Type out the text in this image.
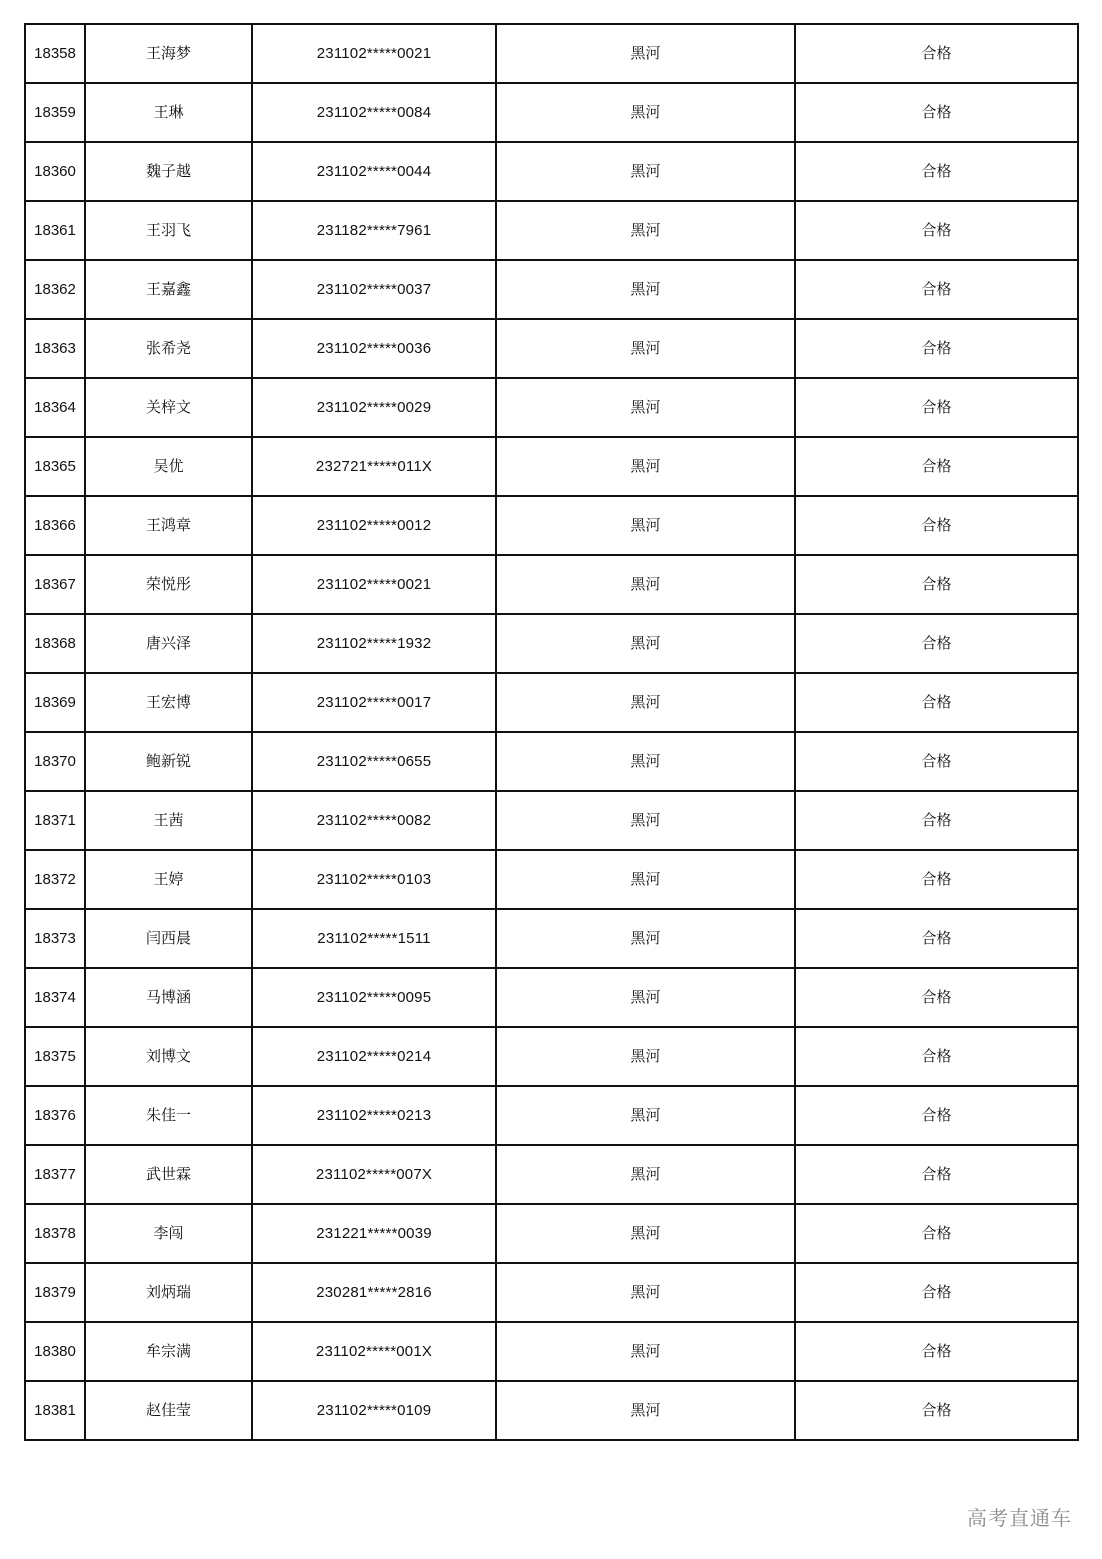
18358	王海梦	231102*****0021	黑河	合格
18359	王琳	231102*****0084	黑河	合格
18360	魏子越	231102*****0044	黑河	合格
18361	王羽飞	231182*****7961	黑河	合格
18362	王嘉鑫	231102*****0037	黑河	合格
18363	张希尧	231102*****0036	黑河	合格
18364	关梓文	231102*****0029	黑河	合格
18365	吴优	232721*****011X	黑河	合格
18366	王鸿章	231102*****0012	黑河	合格
18367	荣悦彤	231102*****0021	黑河	合格
18368	唐兴泽	231102*****1932	黑河	合格
18369	王宏博	231102*****0017	黑河	合格
18370	鲍新锐	231102*****0655	黑河	合格
18371	王茜	231102*****0082	黑河	合格
18372	王婷	231102*****0103	黑河	合格
18373	闫西晨	231102*****1511	黑河	合格
18374	马博涵	231102*****0095	黑河	合格
18375	刘博文	231102*****0214	黑河	合格
18376	朱佳一	231102*****0213	黑河	合格
18377	武世霖	231102*****007X	黑河	合格
18378	李闯	231221*****0039	黑河	合格
18379	刘炳瑞	230281*****2816	黑河	合格
18380	牟宗满	231102*****001X	黑河	合格
18381	赵佳莹	231102*****0109	黑河	合格
高考直通车
